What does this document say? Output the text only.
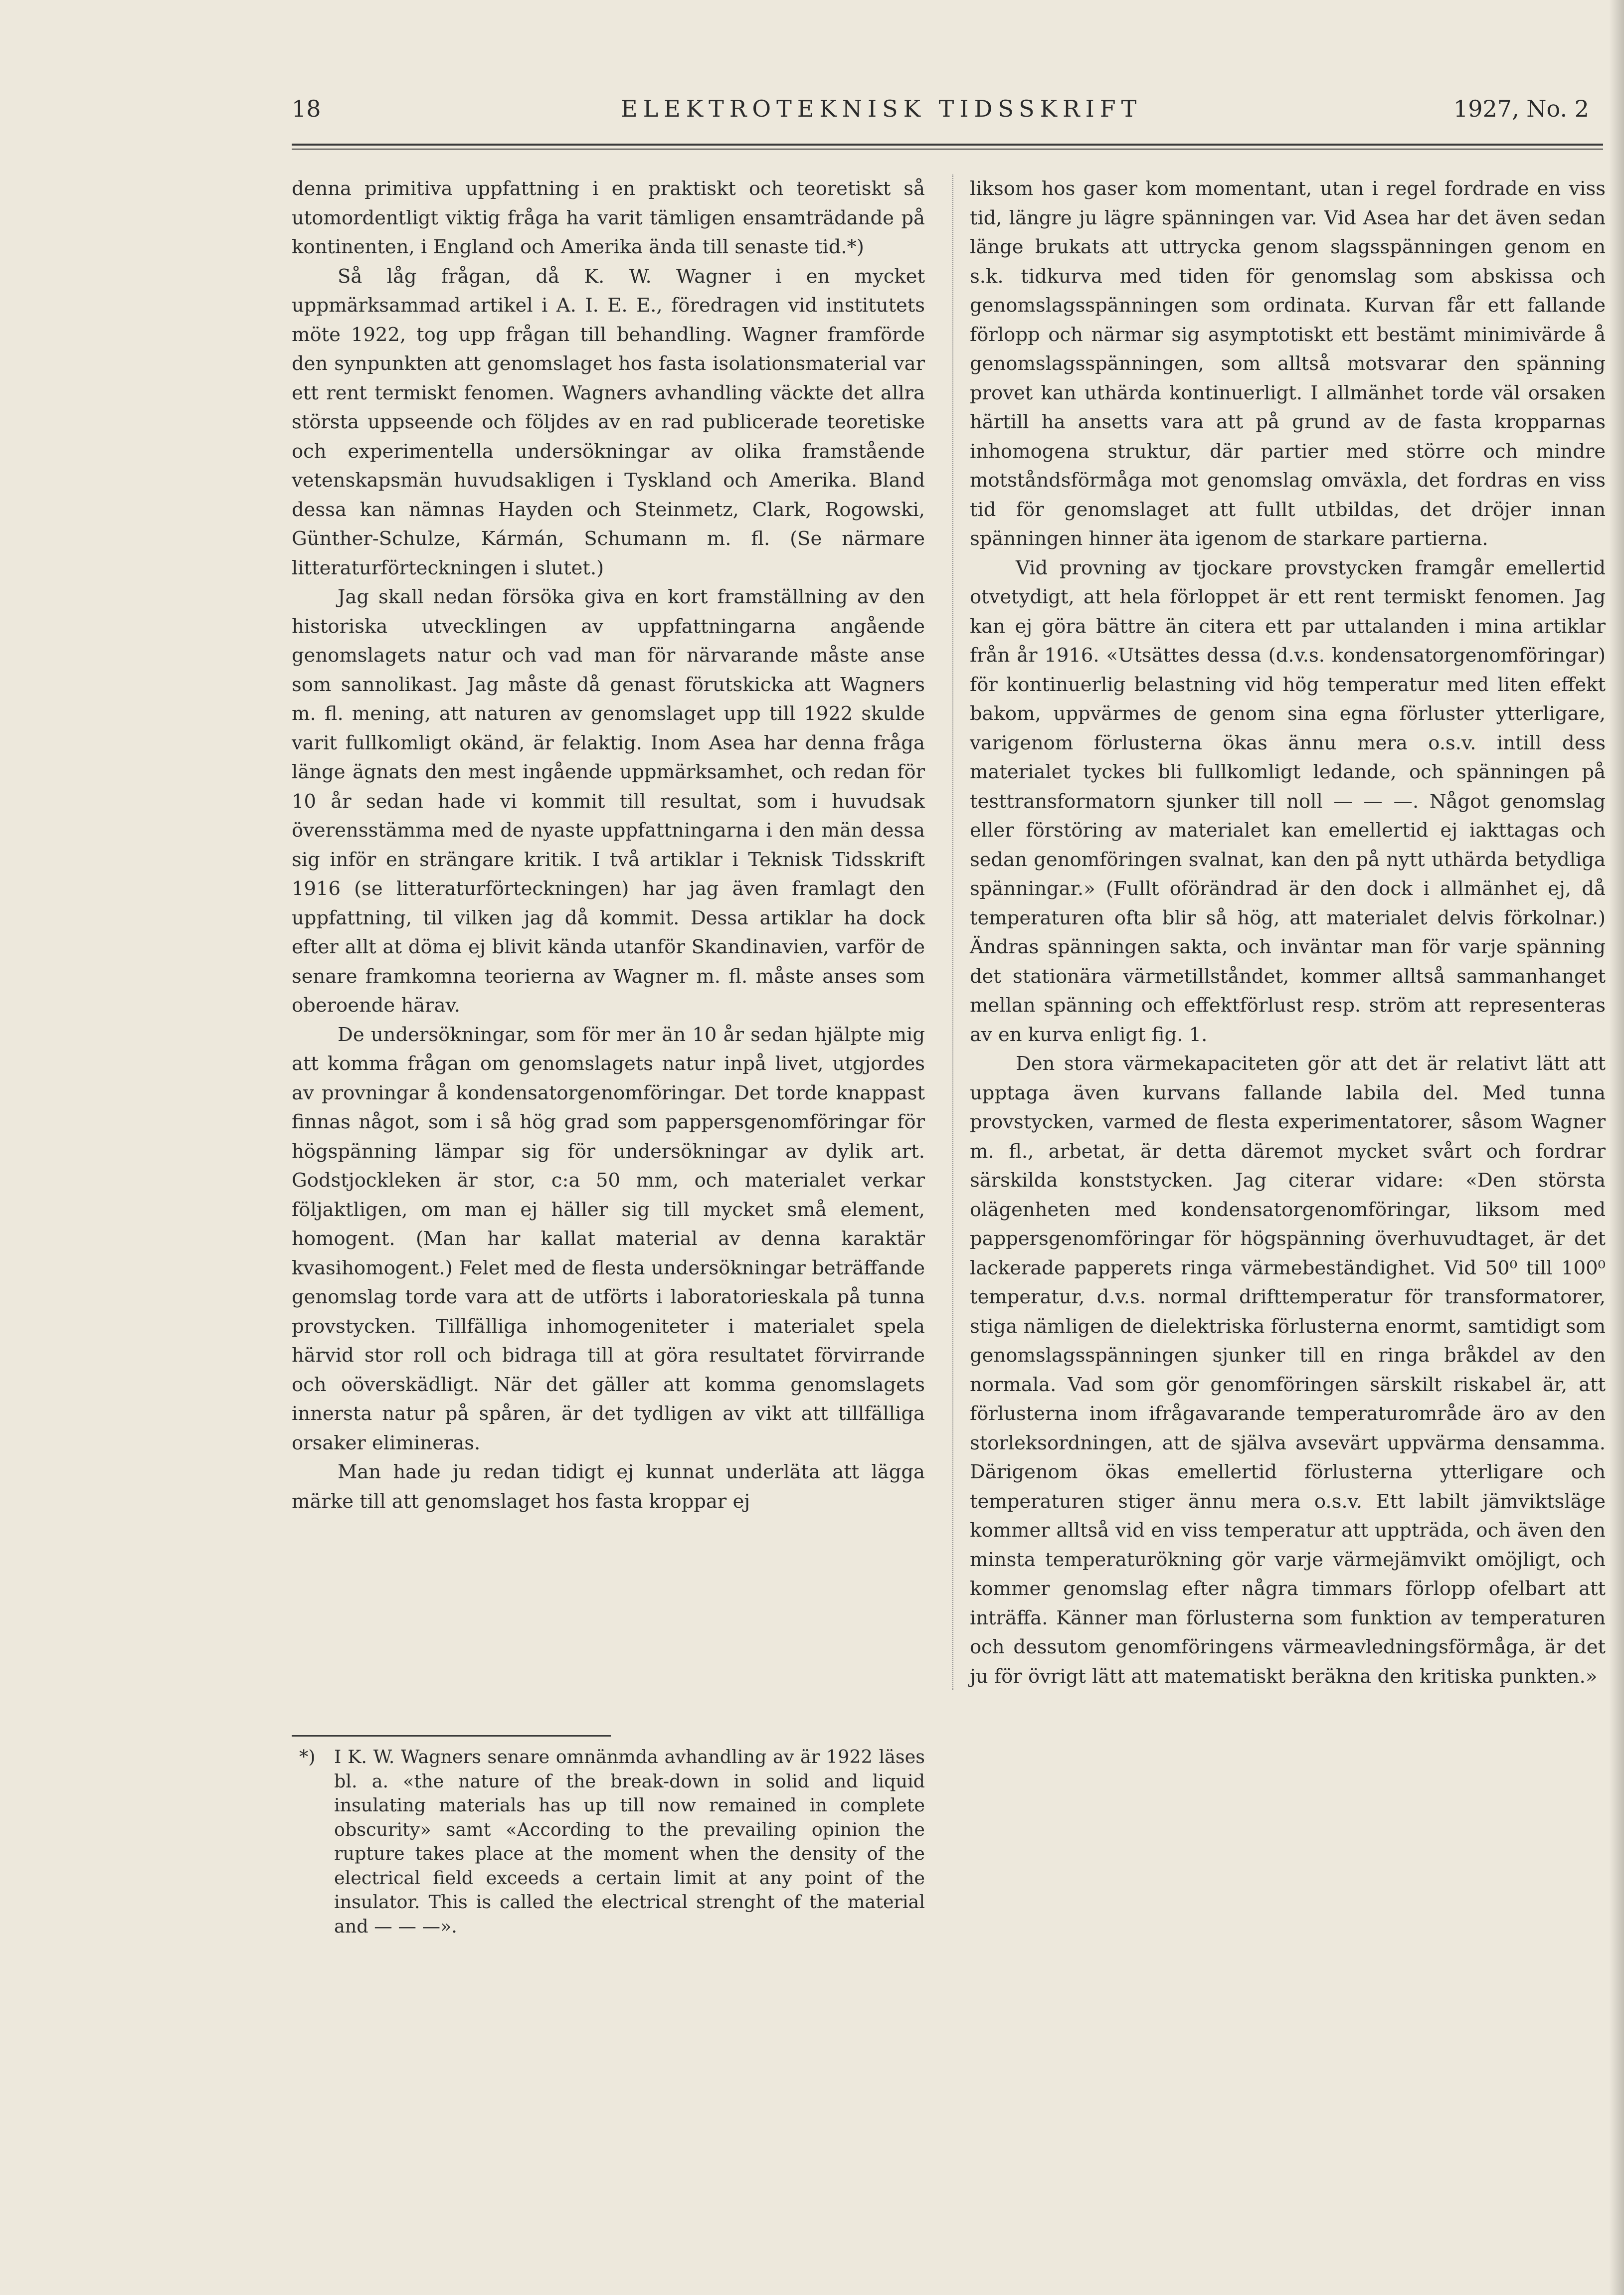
18	ELEKTROTEKNISK TIDSSKRIFT	1927, No. 2

denna primitiva uppfattning i en praktiskt och teoretiskt så utomordentligt viktig fråga ha varit tämligen ensamträdande på kontinenten, i England och Amerika ända till senaste tid.*)

Så låg frågan, då K. W. Wagner i en mycket uppmärksammad artikel i A. I. E. E., föredragen vid institutets möte 1922, tog upp frågan till behandling. Wagner framförde den synpunkten att genomslaget hos fasta isolationsmaterial var ett rent termiskt fenomen. Wagners avhandling väckte det allra största uppseende och följdes av en rad publicerade teoretiske och experimentella undersökningar av olika framstående vetenskapsmän huvudsakligen i Tyskland och Amerika. Bland dessa kan nämnas Hayden och Steinmetz, Clark, Rogowski, Günther-Schulze, Kármán, Schumann m. fl. (Se närmare litteraturförteckningen i slutet.)

Jag skall nedan försöka giva en kort framställning av den historiska utvecklingen av uppfattningarna angående genomslagets natur och vad man för närvarande måste anse som sannolikast. Jag måste då genast förutskicka att Wagners m. fl. mening, att naturen av genomslaget upp till 1922 skulde varit fullkomligt okänd, är felaktig. Inom Asea har denna fråga länge ägnats den mest ingående uppmärksamhet, och redan för 10 år sedan hade vi kommit till resultat, som i huvudsak överensstämma med de nyaste uppfattningarna i den män dessa sig inför en strängare kritik. I två artiklar i Teknisk Tidsskrift 1916 (se litteraturförteckningen) har jag även framlagt den uppfattning, til vilken jag då kommit. Dessa artiklar ha dock efter allt at döma ej blivit kända utanför Skandinavien, varför de senare framkomna teorierna av Wagner m. fl. måste anses som oberoende härav.

De undersökningar, som för mer än 10 år sedan hjälpte mig att komma frågan om genomslagets natur inpå livet, utgjordes av provningar å kondensatorgenomföringar. Det torde knappast finnas något, som i så hög grad som pappersgenomföringar för högspänning lämpar sig för undersökningar av dylik art. Godstjockleken är stor, c:a 50 mm, och materialet verkar följaktligen, om man ej häller sig till mycket små element, homogent. (Man har kallat material av denna karaktär kvasihomogent.) Felet med de flesta undersökningar beträffande genomslag torde vara att de utförts i laboratorieskala på tunna provstycken. Tillfälliga inhomogeniteter i materialet spela härvid stor roll och bidraga till at göra resultatet förvirrande och oöverskädligt. När det gäller att komma genomslagets innersta natur på spåren, är det tydligen av vikt att tillfälliga orsaker elimineras.

Man hade ju redan tidigt ej kunnat underläta att lägga märke till att genomslaget hos fasta kroppar ej

liksom hos gaser kom momentant, utan i regel fordrade en viss tid, längre ju lägre spänningen var. Vid Asea har det även sedan länge brukats att uttrycka genom slagsspänningen genom en s.k. tidkurva med tiden för genomslag som abskissa och genomslagsspänningen som ordinata. Kurvan får ett fallande förlopp och närmar sig asymptotiskt ett bestämt minimivärde å genomslagsspänningen, som alltså motsvarar den spänning provet kan uthärda kontinuerligt. I allmänhet torde väl orsaken härtill ha ansetts vara att på grund av de fasta kropparnas inhomogena struktur, där partier med större och mindre motståndsförmåga mot genomslag omväxla, det fordras en viss tid för genomslaget att fullt utbildas, det dröjer innan spänningen hinner äta igenom de starkare partierna.

Vid provning av tjockare provstycken framgår emellertid otvetydigt, att hela förloppet är ett rent termiskt fenomen. Jag kan ej göra bättre än citera ett par uttalanden i mina artiklar från år 1916. «Utsättes dessa (d.v.s. kondensatorgenomföringar) för kontinuerlig belastning vid hög temperatur med liten effekt bakom, uppvärmes de genom sina egna förluster ytterligare, varigenom förlusterna ökas ännu mera o.s.v. intill dess materialet tyckes bli fullkomligt ledande, och spänningen på testtransformatorn sjunker till noll — — —. Något genomslag eller förstöring av materialet kan emellertid ej iakttagas och sedan genomföringen svalnat, kan den på nytt uthärda betydliga spänningar.» (Fullt oförändrad är den dock i allmänhet ej, då temperaturen ofta blir så hög, att materialet delvis förkolnar.) Ändras spänningen sakta, och inväntar man för varje spänning det stationära värmetillståndet, kommer alltså sammanhanget mellan spänning och effektförlust resp. ström att representeras av en kurva enligt fig. 1.

Den stora värmekapaciteten gör att det är relativt lätt att upptaga även kurvans fallande labila del. Med tunna provstycken, varmed de flesta experimentatorer, såsom Wagner m. fl., arbetat, är detta däremot mycket svårt och fordrar särskilda konststycken. Jag citerar vidare: «Den största olägenheten med kondensatorgenomföringar, liksom med pappersgenomföringar för högspänning överhuvudtaget, är det lackerade papperets ringa värmebeständighet. Vid 50⁰ till 100⁰ temperatur, d.v.s. normal drifttemperatur för transformatorer, stiga nämligen de dielektriska förlusterna enormt, samtidigt som genomslagsspänningen sjunker till en ringa bråkdel av den normala. Vad som gör genomföringen särskilt riskabel är, att förlusterna inom ifrågavarande temperaturområde äro av den storleksordningen, att de själva avsevärt uppvärma densamma. Därigenom ökas emellertid förlusterna ytterligare och temperaturen stiger ännu mera o.s.v. Ett labilt jämviktsläge kommer alltså vid en viss temperatur att uppträda, och även den minsta temperaturökning gör varje värmejämvikt omöjligt, och kommer genomslag efter några timmars förlopp ofelbart att inträffa. Känner man förlusterna som funktion av temperaturen och dessutom genomföringens värmeavledningsförmåga, är det ju för övrigt lätt att matematiskt beräkna den kritiska punkten.»

*) I K. W. Wagners senare omnänmda avhandling av är 1922 läses bl. a. «the nature of the break-down in solid and liquid insulating materials has up till now remained in complete obscurity» samt «According to the prevailing opinion the rupture takes place at the moment when the density of the electrical field exceeds a certain limit at any point of the insulator. This is called the electrical strenght of the material and — — —».
